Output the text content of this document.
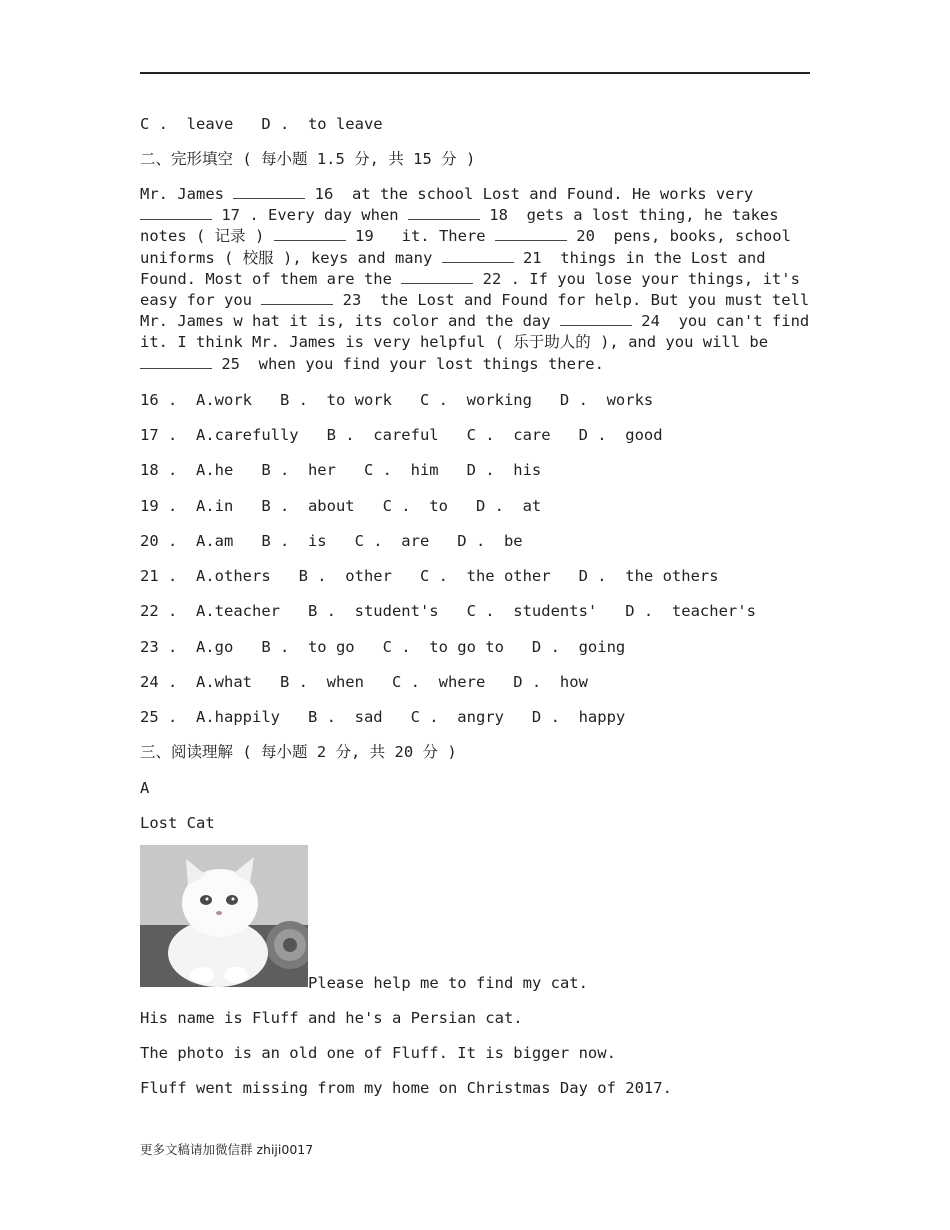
C .  leave   D .  to leave
二、完形填空 ( 每小题 1.5 分, 共 15 分 )
Mr. James	16  at the school Lost and Found. He works very
17 . Every day when	18  gets a lost thing, he takes
notes ( 记录 )	19   it. There	20  pens, books, school
uniforms ( 校服 ), keys and many	21  things in the Lost and
Found. Most of them are the	22 . If you lose your things, it's
easy for you	23  the Lost and Found for help. But you must tell
Mr. James w hat it is, its color and the day	24  you can't find
it. I think Mr. James is very helpful ( 乐于助人的 ), and you will be
25  when you find your lost things there.
16 .  A.work   B .  to work   C .  working   D .  works
17 .  A.carefully   B .  careful   C .  care   D .  good
18 .  A.he   B .  her   C .  him   D .  his
19 .  A.in   B .  about   C .  to   D .  at
20 .  A.am   B .  is   C .  are   D .  be
21 .  A.others   B .  other   C .  the other   D .  the others
22 .  A.teacher   B .  student's   C .  students'   D .  teacher's
23 .  A.go   B .  to go   C .  to go to   D .  going
24 .  A.what   B .  when   C .  where   D .  how
25 .  A.happily   B .  sad   C .  angry   D .  happy
三、阅读理解 ( 每小题 2 分, 共 20 分 )
A
Lost Cat
Please help me to find my cat.
His name is Fluff and he's a Persian cat.
The photo is an old one of Fluff. It is bigger now.
Fluff went missing from my home on Christmas Day of 2017.
更多文稿请加微信群 zhiji0017
